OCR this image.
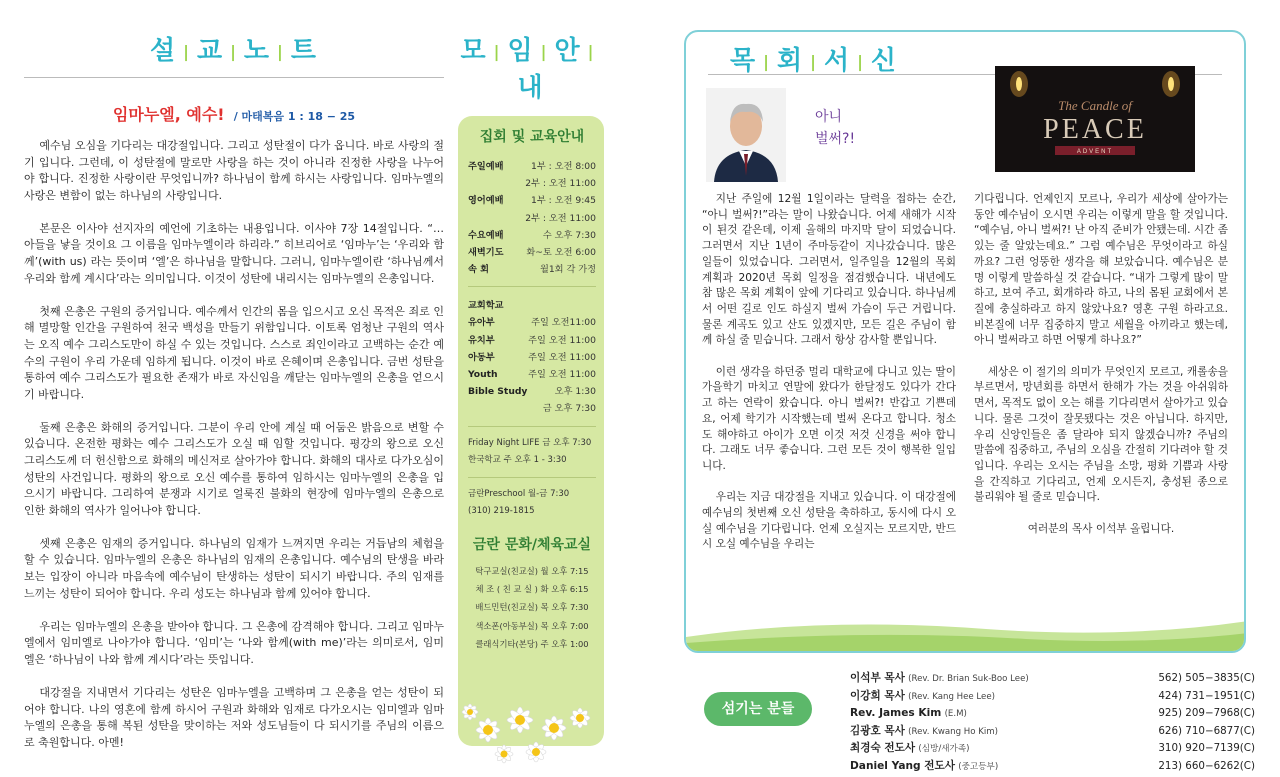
설 | 교 | 노 | 트
임마누엘, 예수! / 마태복음 1 : 18 − 25

예수님 오심을 기다리는 대강절입니다. 그리고 성탄절이 다가 옵니다. 바로 사랑의 절기 입니다. 그런데, 이 성탄절에 말로만 사랑을 하는 것이 아니라 진정한 사랑을 나누어야 합니다. 진정한 사랑이란 무엇입니까? 하나님이 함께 하시는 사랑입니다. 임마누엘의 사랑은 변함이 없는 하나님의 사랑입니다.

본문은 이사야 선지자의 예언에 기초하는 내용입니다. 이사야 7장 14절입니다. “… 아들을 낳을 것이요 그 이름을 임마누엘이라 하리라.” 히브리어로 ‘임마누’는 ‘우리와 함께’(with us) 라는 뜻이며 ‘엘’은 하나님을 말합니다. 그러니, 임마누엘이란 ‘하나님께서 우리와 함께 계시다’라는 의미입니다. 이것이 성탄에 내리시는 임마누엘의 은총입니다.

첫째 은총은 구원의 증거입니다. 예수께서 인간의 몸을 입으시고 오신 목적은 죄로 인해 멸망할 인간을 구원하여 천국 백성을 만들기 위함입니다. 이토록 엄청난 구원의 역사는 오직 예수 그리스도만이 하실 수 있는 것입니다. 스스로 죄인이라고 고백하는 순간 예수의 구원이 우리 가운데 임하게 됩니다. 이것이 바로 은혜이며 은총입니다. 금번 성탄을 통하여 예수 그리스도가 필요한 존재가 바로 자신임을 깨닫는 임마누엘의 은총을 얻으시기 바랍니다.

둘째 은총은 화해의 증거입니다. 그분이 우리 안에 계실 때 어둠은 밝음으로 변할 수 있습니다. 온전한 평화는 예수 그리스도가 오실 때 임할 것입니다. 평강의 왕으로 오신 그리스도께 더 헌신함으로 화해의 메신저로 살아가야 합니다. 화해의 대사로 다가오심이 성탄의 사건입니다. 평화의 왕으로 오신 예수를 통하여 임하시는 임마누엘의 은총을 입으시기 바랍니다. 그리하여 분쟁과 시기로 얼룩진 불화의 현장에 임마누엘의 은총으로 인한 화해의 역사가 일어나야 합니다.

셋째 은총은 임재의 증거입니다. 하나님의 임재가 느껴지면 우리는 거듭남의 체험을 할 수 있습니다. 임마누엘의 은총은 하나님의 임재의 은총입니다. 예수님의 탄생을 바라보는 입장이 아니라 마음속에 예수님이 탄생하는 성탄이 되시기 바랍니다. 주의 임재를 느끼는 성탄이 되어야 합니다. 우리 성도는 하나님과 함께 있어야 합니다.

우리는 임마누엘의 은총을 받아야 합니다. 그 은총에 감격해야 합니다. 그리고 임마누엘에서 임미엘로 나아가야 합니다. ‘임미’는 ‘나와 함께(with me)’라는 의미로서, 임미엘은 ‘하나님이 나와 함께 계시다’라는 뜻입니다.

대강절을 지내면서 기다리는 성탄은 임마누엘을 고백하며 그 은총을 얻는 성탄이 되어야 합니다. 나의 영혼에 함께 하시어 구원과 화해와 임재로 다가오시는 임미엘과 임마누엘의 은총을 통해 복된 성탄을 맞이하는 저와 성도님들이 다 되시기를 주님의 이름으로 축원합니다. 아멘!

모 | 임 | 안 |내
집회 및 교육안내
주일예배	1부 : 오전 8:00
2부 : 오전 11:00
영어예배	1부 : 오전 9:45
2부 : 오전 11:00
수요예배	수 오후 7:30
새벽기도	화~토 오전 6:00
속 회	월1회 각 가정
교회학교
유아부	주일 오전11:00
유치부	주일 오전 11:00
아동부	주일 오전 11:00
Youth	주일 오전 11:00
Bible Study	오후 1:30
금 오후 7:30
Friday Night LIFE 금 오후 7:30
한국학교 주 오후 1 - 3:30
금란Preschool 월-금 7:30
(310) 219-1815
금란 문화/체육교실
탁구교실(친교실) 월 오후 7:15
체 조 ( 친 교 실 ) 화 오후 6:15
배드민턴(친교실) 목 오후 7:30
색소폰(아동부실) 목 오후 7:00
클래식기타(본당) 주 오후 1:00
목 | 회 | 서 | 신
아니
벌써?!
The Candle of
PEACE
ADVENT

지난 주일에 12월 1일이라는 달력을 접하는 순간, “아니 벌써?!”라는 말이 나왔습니다. 어제 새해가 시작이 된것 같은데, 이제 올해의 마지막 달이 되었습니다. 그러면서 지난 1년이 주마등같이 지나갔습니다. 많은 일들이 있었습니다. 그러면서, 일주일을 12월의 목회 계획과 2020년 목회 일정을 점검했습니다. 내년에도 참 많은 목회 계획이 앞에 기다리고 있습니다. 하나님께서 어떤 길로 인도 하실지 벌써 가슴이 두근 거립니다. 물론 계곡도 있고 산도 있겠지만, 모든 길은 주님이 함께 하실 줄 믿습니다. 그래서 항상 감사할 뿐입니다.

이런 생각을 하던중 멀리 대학교에 다니고 있는 딸이 가을학기 마치고 연말에 왔다가 한달정도 있다가 간다고 하는 연락이 왔습니다. 아니 벌써?! 반갑고 기쁜데요, 어제 학기가 시작했는데 벌써 온다고 합니다. 청소도 해야하고 아이가 오면 이것 저것 신경을 써야 합니다. 그래도 너무 좋습니다. 그런 모든 것이 행복한 일입니다.

우리는 지금 대강절을 지내고 있습니다. 이 대강절에 예수님의 첫번째 오신 성탄을 축하하고, 동시에 다시 오실 예수님을 기다립니다. 언제 오실지는 모르지만, 반드시 오실 예수님을 우리는

기다립니다. 언제인지 모르나, 우리가 세상에 살아가는 동안 예수님이 오시면 우리는 이렇게 말을 할 것입니다. “예수님, 아니 벌써?! 난 아직 준비가 안됐는데. 시간 좀 있는 줄 알았는데요.” 그럼 예수님은 무엇이라고 하실까요? 그런 엉뚱한 생각을 해 보았습니다. 예수님은 분명 이렇게 말씀하실 것 같습니다. “내가 그렇게 많이 말하고, 보여 주고, 회개하라 하고, 나의 몸된 교회에서 본질에 충실하라고 하지 않았나요? 영혼 구원 하라고요. 비본질에 너무 집중하지 말고 세월을 아끼라고 했는데, 아니 벌써라고 하면 어떻게 하나요?”

세상은 이 절기의 의미가 무엇인지 모르고, 캐롤송을 부르면서, 망년회를 하면서 한해가 가는 것을 아쉬워하면서, 목적도 없이 오는 해를 기다리면서 살아가고 있습니다. 물론 그것이 잘못됐다는 것은 아닙니다. 하지만, 우리 신앙인들은 좀 달라야 되지 않겠습니까? 주님의 말씀에 집중하고, 주님의 오심을 간절히 기다려야 할 것입니다. 우리는 오시는 주님을 소망, 평화 기쁨과 사랑을 간직하고 기다리고, 언제 오시든지, 충성된 종으로 불리워야 될 줄로 믿습니다.

여러분의 목사 이석부 올립니다.

섬기는 분들
이석부 목사 (Rev. Dr. Brian Suk-Boo Lee)	562) 505−3835(C)
이강희 목사 (Rev. Kang Hee Lee)	424) 731−1951(C)
Rev. James Kim (E.M)	925) 209−7968(C)
김광호 목사 (Rev. Kwang Ho Kim)	626) 710−6877(C)
최경숙 전도사 (심방/새가족)	310) 920−7139(C)
Daniel Yang 전도사 (중고등부)	213) 660−6262(C)
